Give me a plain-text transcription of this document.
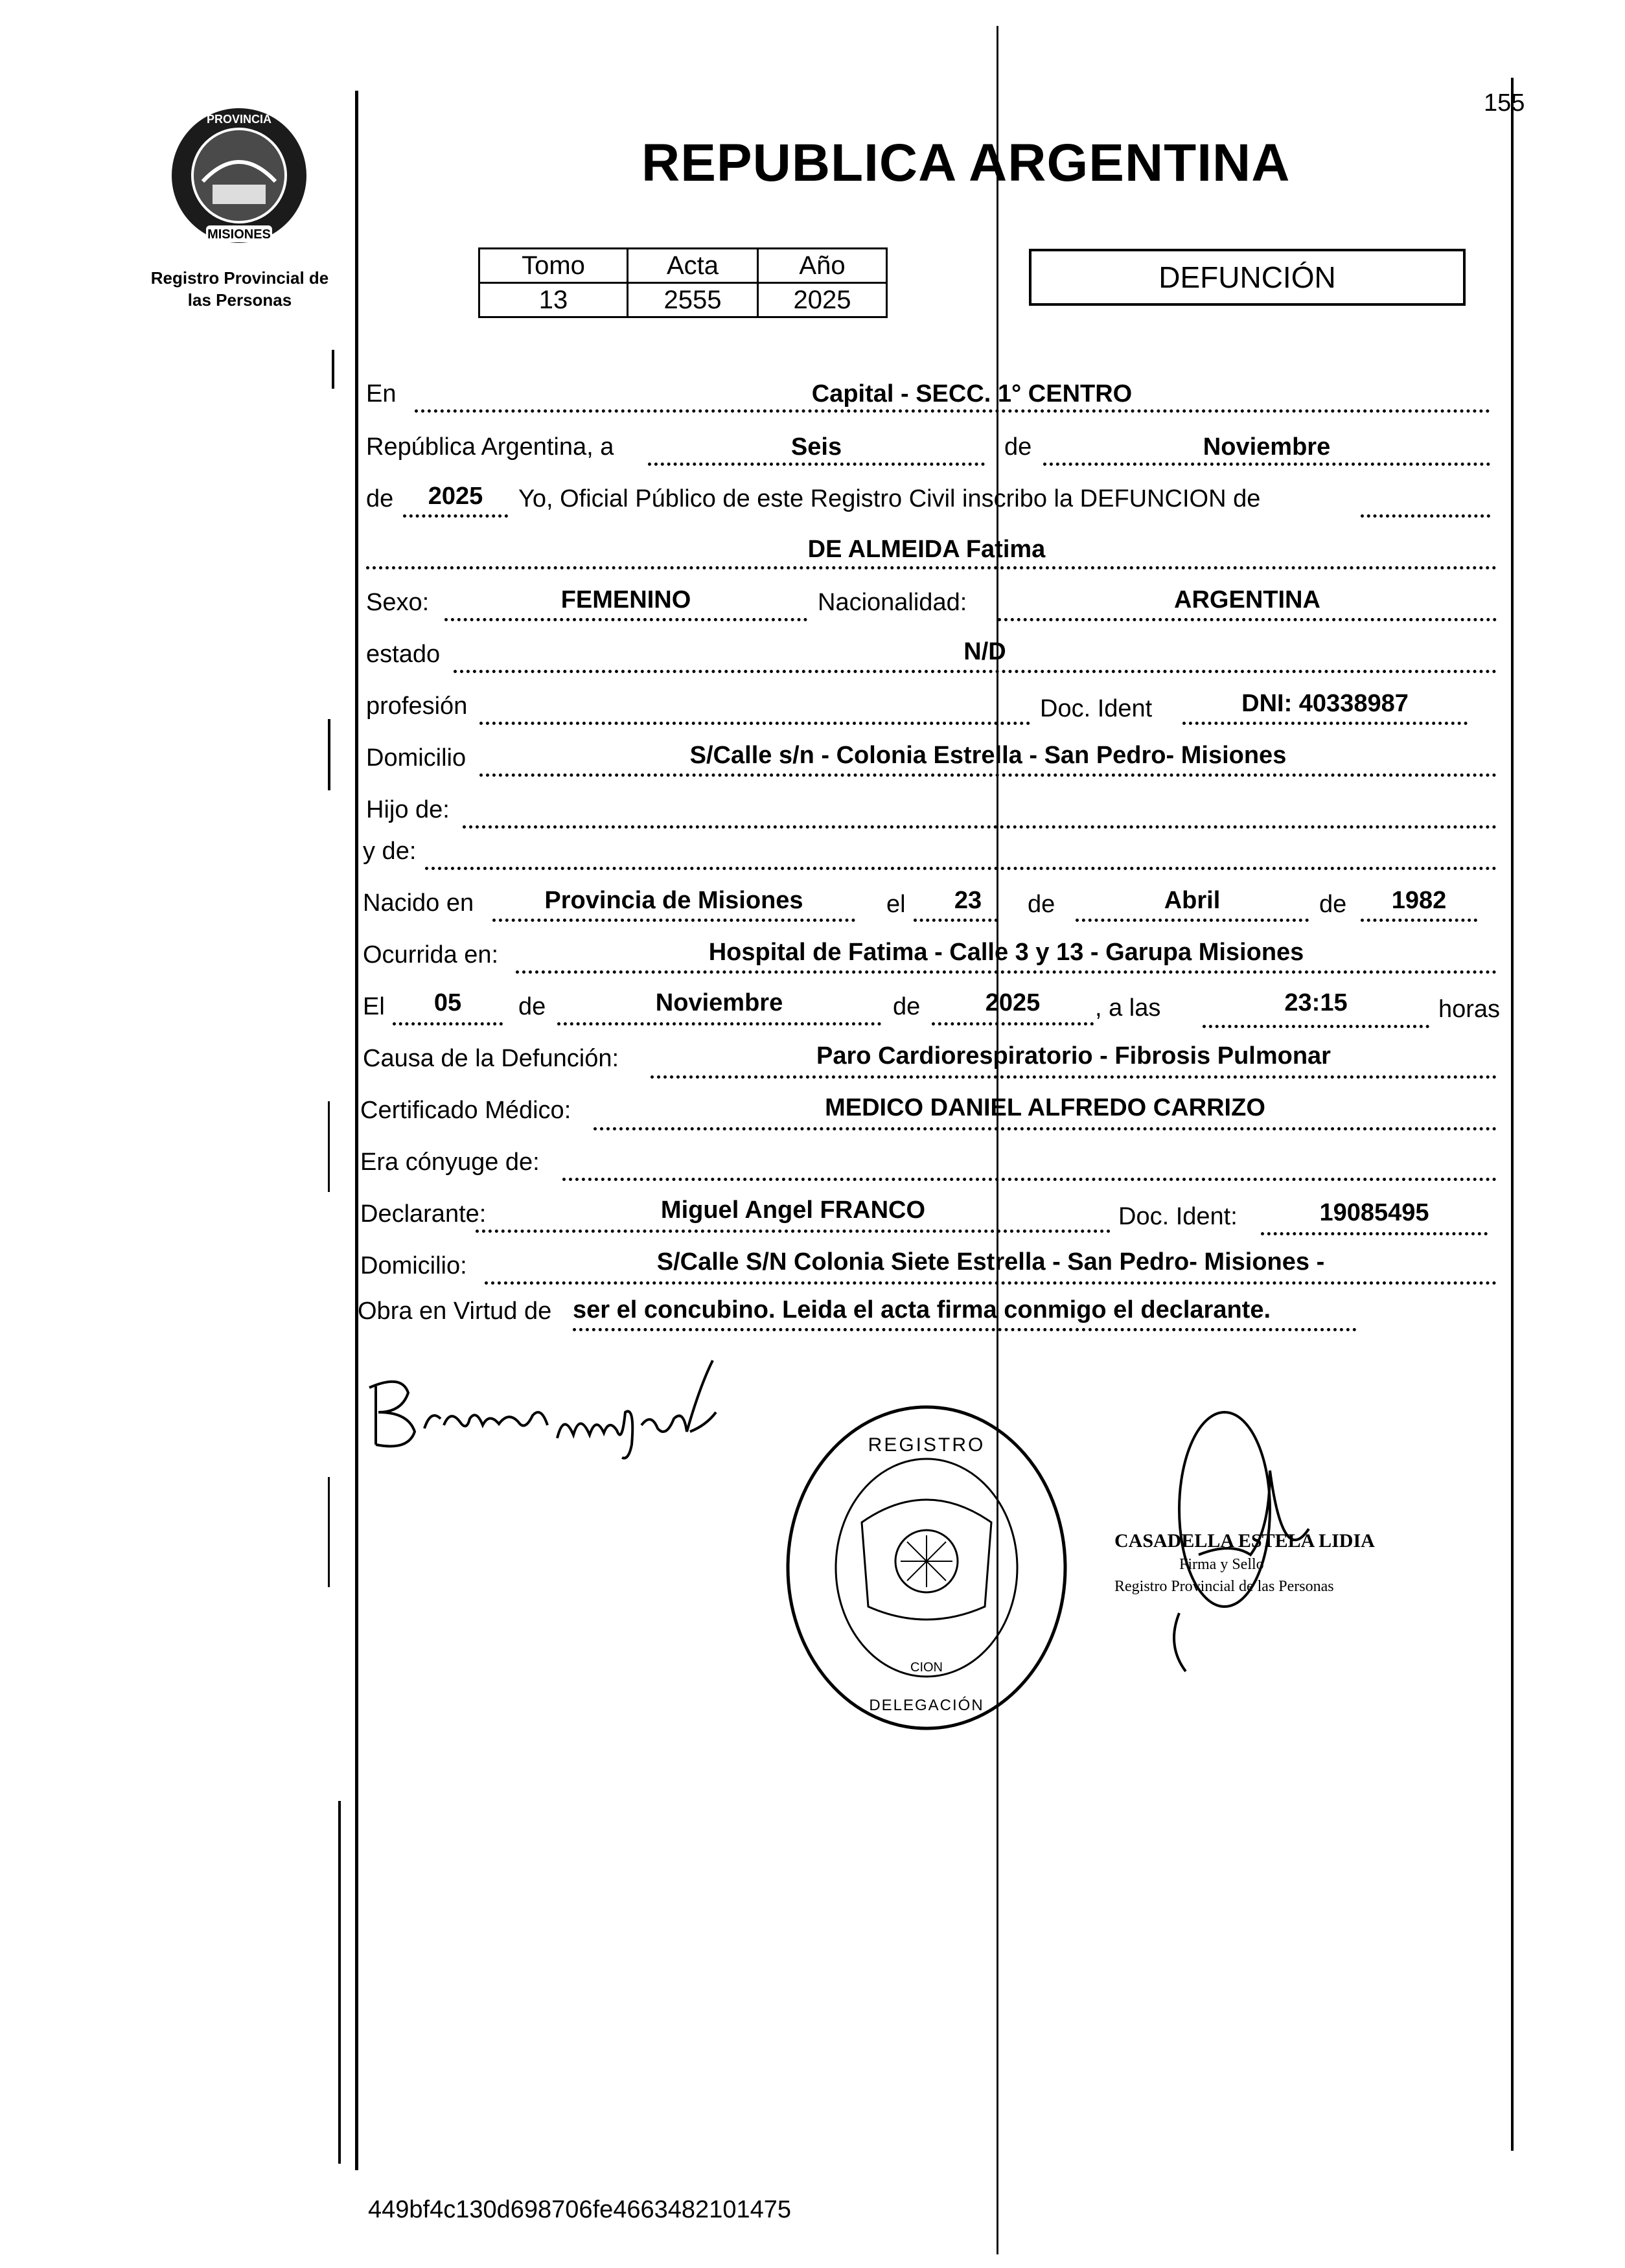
155
MISIONES
PROVINCIA
Registro Provincial de
las Personas
REPUBLICA ARGENTINA
Tomo	Acta	Año
13	2555	2025
DEFUNCIÓN
En	Capital - SECC. 1° CENTRO
República Argentina, a	Seis	de	Noviembre
de	2025	Yo, Oficial Público de este Registro Civil inscribo la DEFUNCION de
DE ALMEIDA Fatima
Sexo:	FEMENINO	Nacionalidad:	ARGENTINA
estado	N/D
profesión	Doc. Ident	DNI: 40338987
Domicilio	S/Calle s/n - Colonia Estrella - San Pedro- Misiones
Hijo de:
y de:
Nacido en	Provincia de Misiones	el	23	de	Abril	de	1982
Ocurrida en:	Hospital de Fatima - Calle 3 y 13 - Garupa Misiones
El	05	de	Noviembre	de	2025	, a las	23:15	horas
Causa de la Defunción:	Paro Cardiorespiratorio - Fibrosis Pulmonar
Certificado Médico:	MEDICO DANIEL ALFREDO CARRIZO
Era cónyuge de:
Declarante:	Miguel Angel FRANCO	Doc. Ident:	19085495
Domicilio:	S/Calle S/N Colonia Siete Estrella - San Pedro- Misiones -
Obra en Virtud de ser el concubino. Leida el acta firma conmigo el declarante.
REGISTRO
DELEGACIÓN
CION
CASADELLA ESTELA LIDIA
Firma y Sello
Registro Provincial de las Personas
449bf4c130d698706fe4663482101475
